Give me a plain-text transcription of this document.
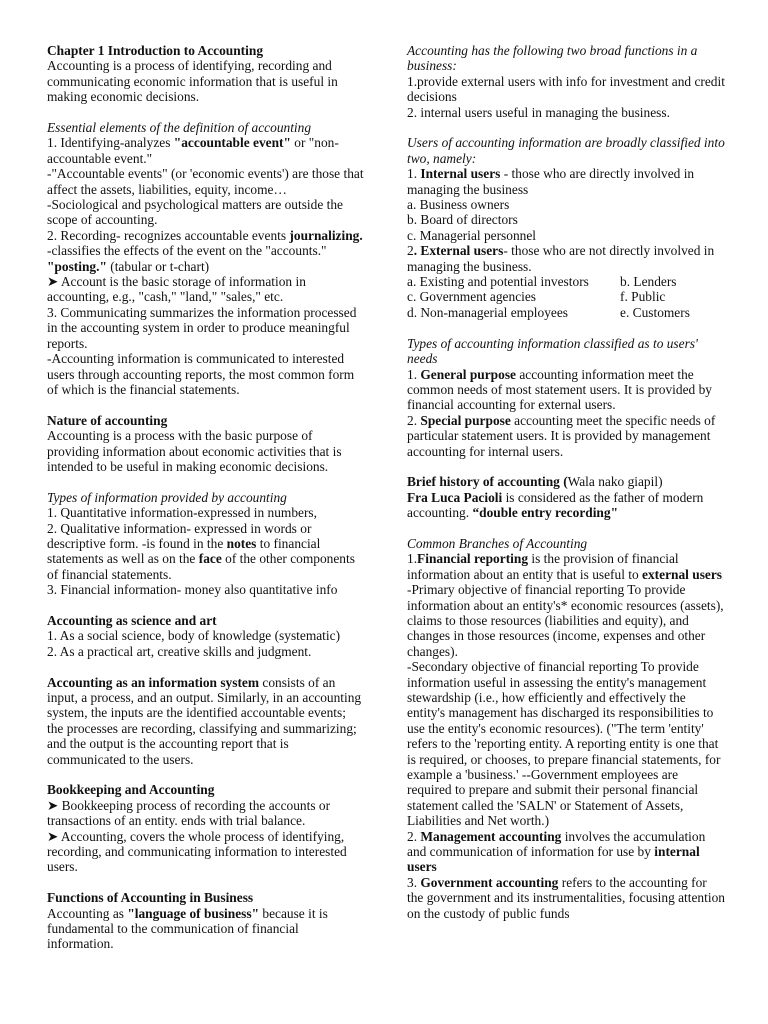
Chapter 1 Introduction to Accounting

Accounting is a process of identifying, recording and communicating economic information that is useful in making economic decisions.

Essential elements of the definition of accounting

1. Identifying-analyzes "accountable event" or "non-accountable event."

-"Accountable events" (or 'economic events') are those that affect the assets, liabilities, equity, income…

-Sociological and psychological matters are outside the scope of accounting.

2. Recording- recognizes accountable events journalizing.

-classifies the effects of the event on the "accounts."

"posting." (tabular or t-chart)

➤ Account is the basic storage of information in accounting, e.g., "cash," "land," "sales," etc.

3. Communicating summarizes the information processed in the accounting system in order to produce meaningful reports.

-Accounting information is communicated to interested users through accounting reports, the most common form of which is the financial statements.

Nature of accounting

Accounting is a process with the basic purpose of providing information about economic activities that is intended to be useful in making economic decisions.

Types of information provided by accounting

1. Quantitative information-expressed in numbers,

2. Qualitative information- expressed in words or descriptive form. -is found in the notes to financial statements as well as on the face of the other components of financial statements.

3. Financial information- money also quantitative info

Accounting as science and art

1. As a social science, body of knowledge (systematic)

2. As a practical art, creative skills and judgment.

Accounting as an information system consists of an input, a process, and an output. Similarly, in an accounting system, the inputs are the identified accountable events; the processes are recording, classifying and summarizing; and the output is the accounting report that is communicated to the users.

Bookkeeping and Accounting

➤ Bookkeeping process of recording the accounts or transactions of an entity. ends with trial balance.

➤ Accounting, covers the whole process of identifying, recording, and communicating information to interested users.

Functions of Accounting in Business

Accounting as "language of business" because it is fundamental to the communication of financial information.

Accounting has the following two broad functions in a business:

1.provide external users with info for investment and credit decisions

2. internal users useful in managing the business.

Users of accounting information are broadly classified into two, namely:

1. Internal users - those who are directly involved in managing the business

a. Business owners

b. Board of directors

c. Managerial personnel

2. External users- those who are not directly involved in managing the business.

a. Existing and potential investors	b. Lenders
c. Government agencies	f. Public
d. Non-managerial employees	e. Customers

Types of accounting information classified as to users' needs

1. General purpose accounting information meet the common needs of most statement users. It is provided by financial accounting for external users.

2. Special purpose accounting meet the specific needs of particular statement users. It is provided by management accounting for internal users.

Brief history of accounting (Wala nako giapil)

Fra Luca Pacioli is considered as the father of modern accounting. “double entry recording"

Common Branches of Accounting

1.Financial reporting is the provision of financial information about an entity that is useful to external users

-Primary objective of financial reporting To provide information about an entity's* economic resources (assets), claims to those resources (liabilities and equity), and changes in those resources (income, expenses and other changes).

-Secondary objective of financial reporting To provide information useful in assessing the entity's management stewardship (i.e., how efficiently and effectively the entity's management has discharged its responsibilities to use the entity's economic resources). ("The term 'entity' refers to the 'reporting entity. A reporting entity is one that is required, or chooses, to prepare financial statements, for example a 'business.' --Government employees are required to prepare and submit their personal financial statement called the 'SALN' or Statement of Assets, Liabilities and Net worth.)

2. Management accounting involves the accumulation and communication of information for use by internal users

3. Government accounting refers to the accounting for the government and its instrumentalities, focusing attention on the custody of public funds
